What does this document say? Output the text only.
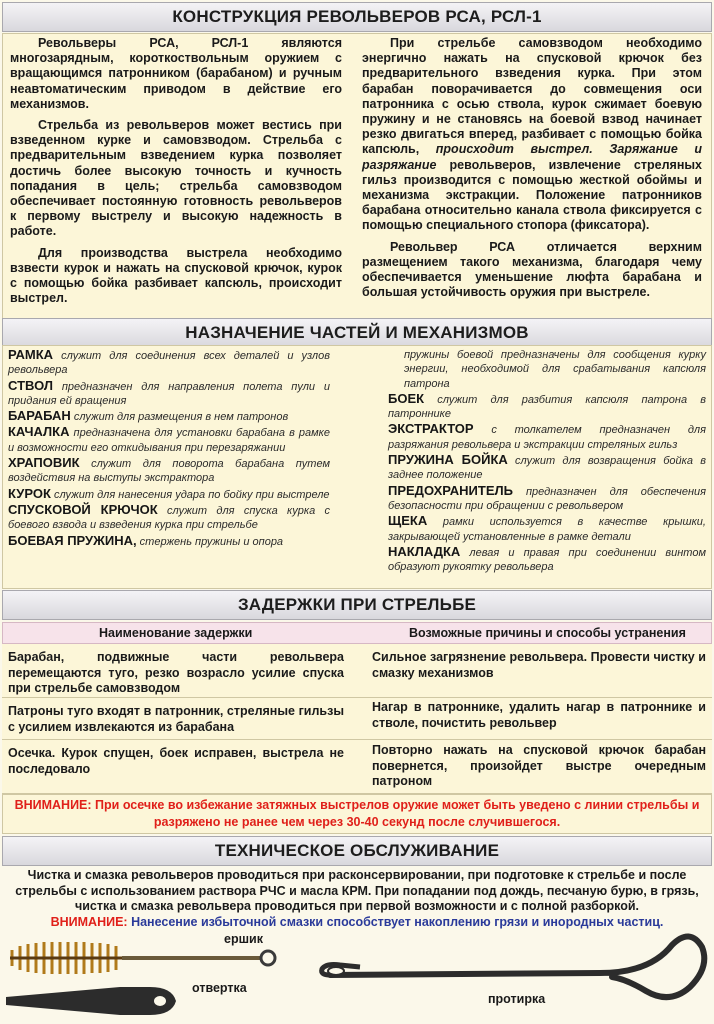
КОНСТРУКЦИЯ РЕВОЛЬВЕРОВ РСА, РСЛ-1

Револьверы РСА, РСЛ-1 являются многозарядным, короткоствольным оружием с вращающимся патронником (барабаном) и ручным неавтоматическим приводом в действие его механизмов.

Стрельба из револьверов может вестись при взведенном курке и самовзводом. Стрельба с предварительным взведением курка позволяет достичь более высокую точность и кучность попадания в цель; стрельба самовзводом обеспечивает постоянную готовность револьверов к первому выстрелу и высокую надежность в работе.

Для производства выстрела необходимо взвести курок и нажать на спусковой крючок, курок с помощью бойка разбивает капсюль, происходит выстрел.

При стрельбе самовзводом необходимо энергично нажать на спусковой крючок без предварительного взведения курка. При этом барабан поворачивается до совмещения оси патронника с осью ствола, курок сжимает боевую пружину и не становясь на боевой взвод начинает резко двигаться вперед, разбивает с помощью бойка капсюль, происходит выстрел. Заряжание и разряжание револьверов, извлечение стреляных гильз производится с помощью жесткой обоймы и механизма экстракции. Положение патронников барабана относительно канала ствола фиксируется с помощью специального стопора (фиксатора).

Револьвер РСА отличается верхним размещением такого механизма, благодаря чему обеспечивается уменьшение люфта барабана и большая устойчивость оружия при выстреле.

НАЗНАЧЕНИЕ ЧАСТЕЙ И МЕХАНИЗМОВ
РАМКА служит для соединения всех деталей и узлов револьвера
СТВОЛ предназначен для направления полета пули и придания ей вращения
БАРАБАН служит для размещения в нем патронов
КАЧАЛКА предназначена для установки барабана в рамке и возможности его откидывания при перезаряжании
ХРАПОВИК служит для поворота барабана путем воздействия на выступы экстрактора
КУРОК служит для нанесения удара по бойку при выстреле
СПУСКОВОЙ КРЮЧОК служит для спуска курка с боевого взвода и взведения курка при стрельбе
БОЕВАЯ ПРУЖИНА, стержень пружины и опора
пружины боевой предназначены для сообщения курку энергии, необходимой для срабатывания капсюля патрона
БОЕК служит для разбития капсюля патрона в патроннике
ЭКСТРАКТОР с толкателем предназначен для разряжания револьвера и экстракции стреляных гильз
ПРУЖИНА БОЙКА служит для возвращения бойка в заднее положение
ПРЕДОХРАНИТЕЛЬ предназначен для обеспечения безопасности при обращении с револьвером
ЩЕКА рамки используется в качестве крышки, закрывающей установленные в рамке детали
НАКЛАДКА левая и правая при соединении винтом образуют рукоятку револьвера
ЗАДЕРЖКИ ПРИ СТРЕЛЬБЕ
Наименование задержки	Возможные причины и способы устранения
Барабан, подвижные части револьвера перемещаются туго, резко возрасло усилие спуска при стрельбе самовзводом
Сильное загрязнение револьвера. Провести чистку и смазку механизмов
Патроны туго входят в патронник, стреляные гильзы с усилием извлекаются из барабана
Нагар в патроннике, удалить нагар в патроннике и стволе, почистить револьвер
Осечка. Курок спущен, боек исправен, выстрела не последовало
Повторно нажать на спусковой крючок барабан повернется, произойдет выстре очередным патроном
ВНИМАНИЕ: При осечке во избежание затяжных выстрелов оружие может быть уведено с линии стрельбы и разряжено не ранее чем через 30-40 секунд после случившегося.
ТЕХНИЧЕСКОЕ ОБСЛУЖИВАНИЕ
Чистка и смазка револьверов проводиться при расконсервировании, при подготовке к стрельбе и после стрельбы с использованием раствора РЧС и масла КРМ. При попадании под дождь, песчаную бурю, в грязь, чистка и смазка револьвера проводиться при первой возможности и с полной разборкой.
ВНИМАНИЕ: Нанесение избыточной смазки способствует накоплению грязи и инородных частиц.
ершик
отвертка
протирка
